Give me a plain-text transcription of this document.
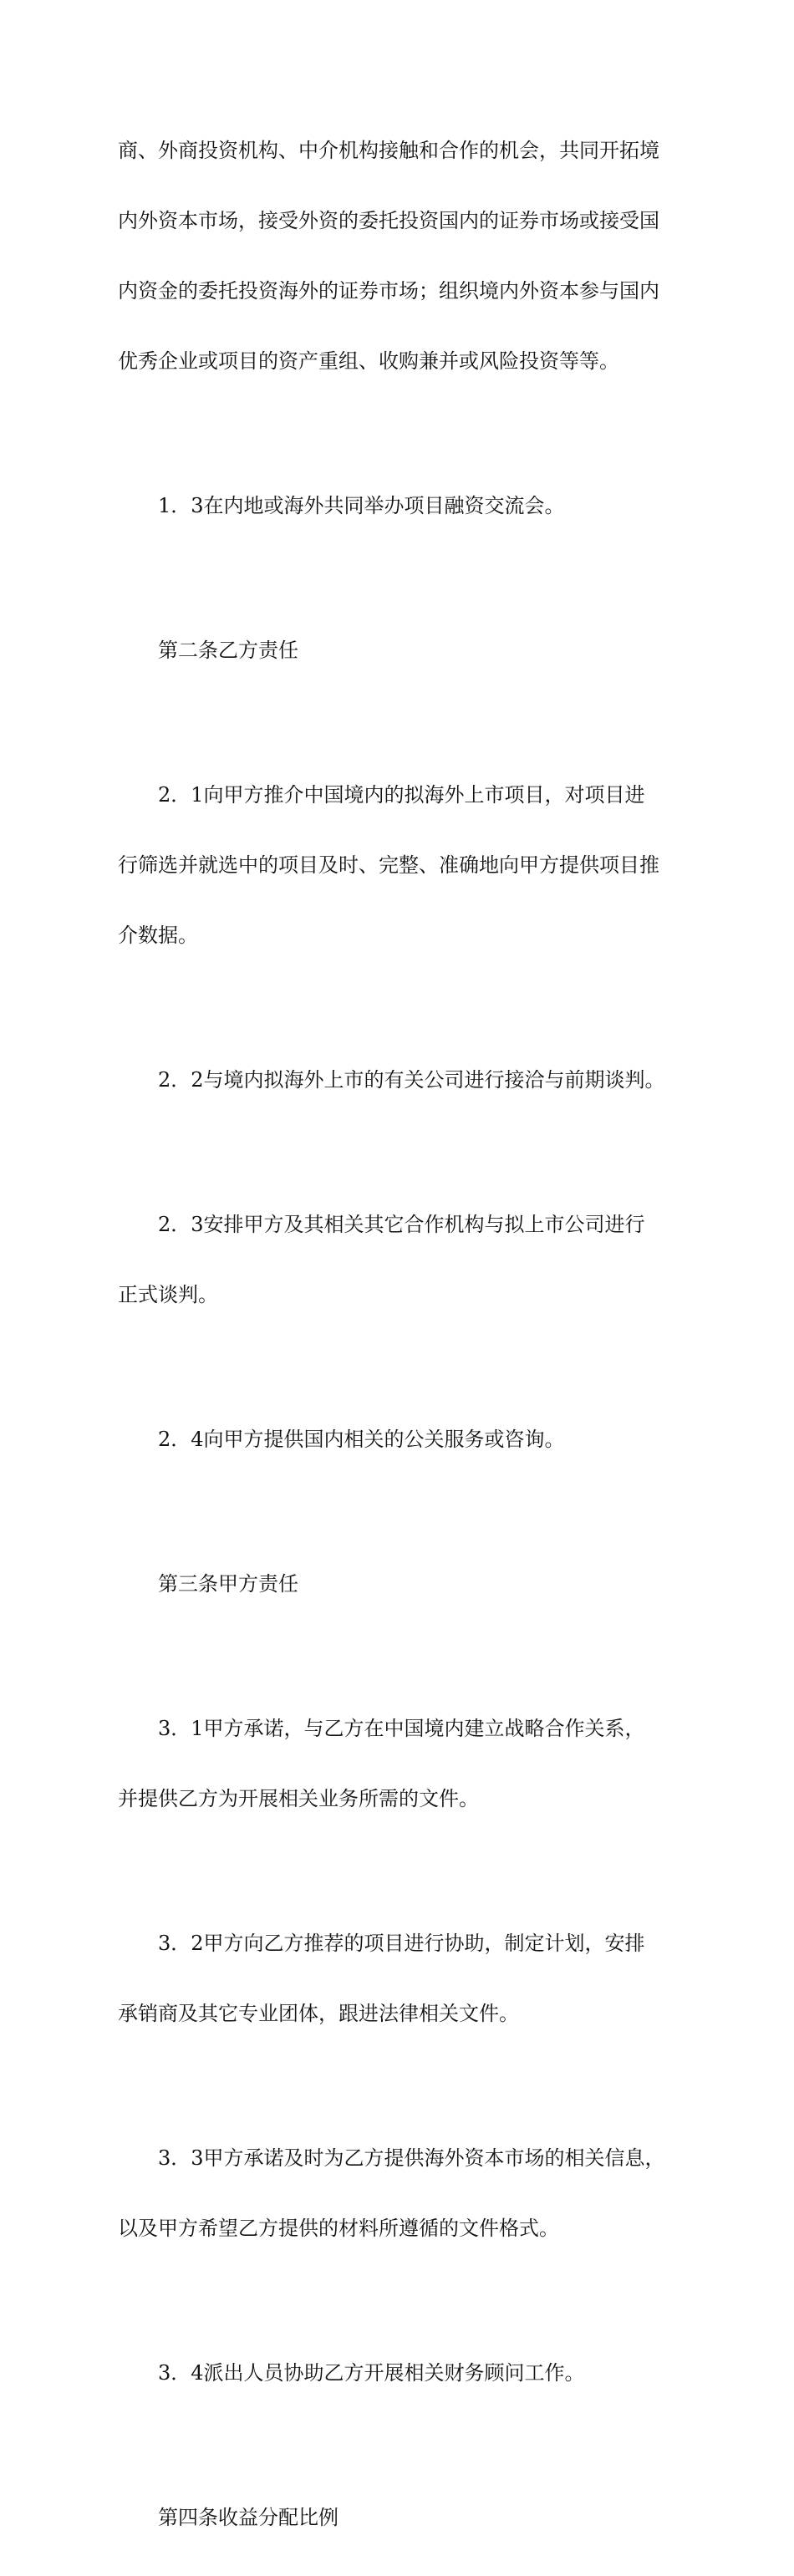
商、外商投资机构、中介机构接触和合作的机会，共同开拓境

内外资本市场，接受外资的委托投资国内的证券市场或接受国

内资金的委托投资海外的证券市场；组织境内外资本参与国内

优秀企业或项目的资产重组、收购兼并或风险投资等等。

1．3在内地或海外共同举办项目融资交流会。

第二条乙方责任

2．1向甲方推介中国境内的拟海外上市项目，对项目进

行筛选并就选中的项目及时、完整、准确地向甲方提供项目推

介数据。

2．2与境内拟海外上市的有关公司进行接洽与前期谈判。

2．3安排甲方及其相关其它合作机构与拟上市公司进行

正式谈判。

2．4向甲方提供国内相关的公关服务或咨询。

第三条甲方责任

3．1甲方承诺，与乙方在中国境内建立战略合作关系，

并提供乙方为开展相关业务所需的文件。

3．2甲方向乙方推荐的项目进行协助，制定计划，安排

承销商及其它专业团体，跟进法律相关文件。

3．3甲方承诺及时为乙方提供海外资本市场的相关信息，

以及甲方希望乙方提供的材料所遵循的文件格式。

3．4派出人员协助乙方开展相关财务顾问工作。

第四条收益分配比例
